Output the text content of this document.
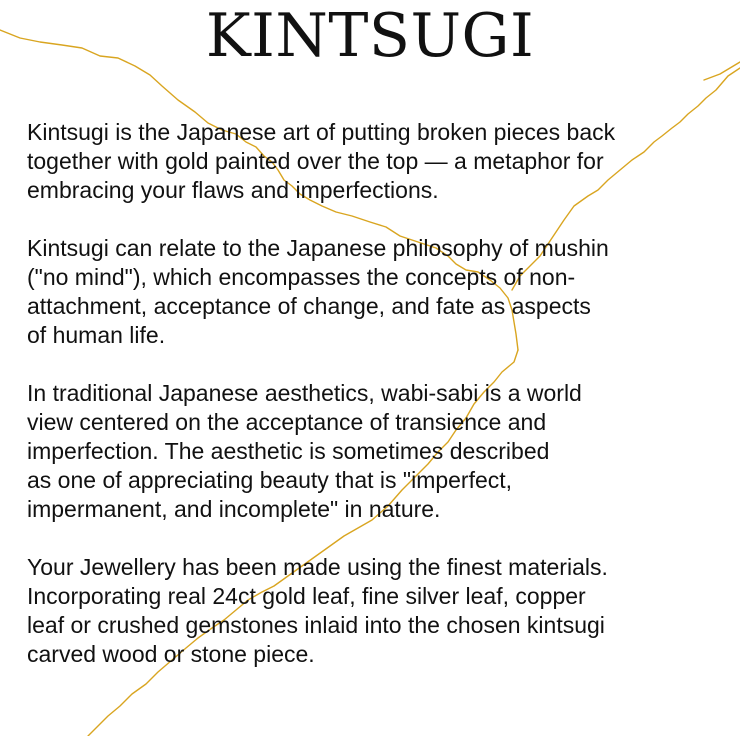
KINTSUGI

Kintsugi is the Japanese art of putting broken pieces back
together with gold painted over the top — a metaphor for
embracing your flaws and imperfections.

Kintsugi can relate to the Japanese philosophy of mushin
("no mind"), which encompasses the concepts of non-
attachment, acceptance of change, and fate as aspects
of human life.

In traditional Japanese aesthetics, wabi-sabi is a world
view centered on the acceptance of transience and
imperfection. The aesthetic is sometimes described
as one of appreciating beauty that is "imperfect,
impermanent, and incomplete" in nature.

Your Jewellery has been made using the finest materials.
Incorporating real 24ct gold leaf, fine silver leaf, copper
leaf or crushed gemstones inlaid into the chosen kintsugi
carved wood or stone piece.
